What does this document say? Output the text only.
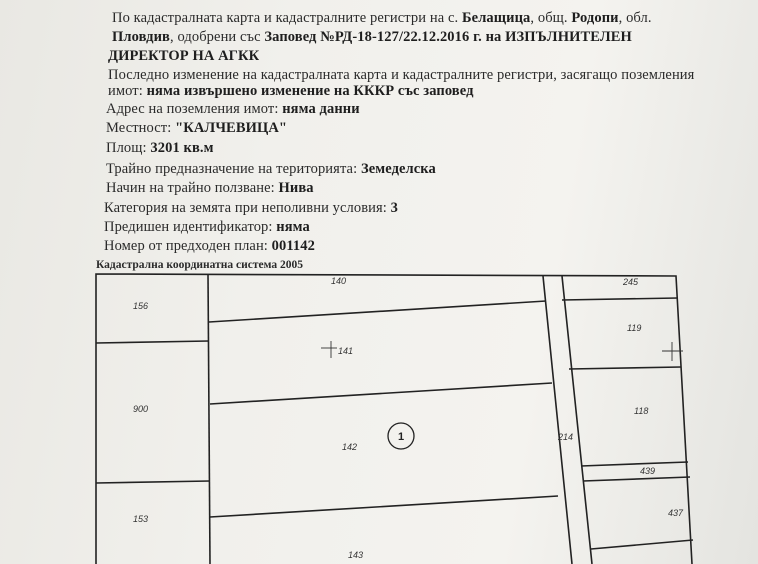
По кадастралната карта и кадастралните регистри на с. Белащица, общ. Родопи, обл.
Пловдив, одобрени със Заповед №РД-18-127/22.12.2016 г. на ИЗПЪЛНИТЕЛЕН
ДИРЕКТОР НА АГКК
Последно изменение на кадастралната карта и кадастралните регистри, засягащо поземления
имот: няма извършено изменение на КККР със заповед
Адрес на поземления имот: няма данни
Местност: "КАЛЧЕВИЦА"
Площ: 3201 кв.м
Трайно предназначение на територията: Земеделска
Начин на трайно ползване: Нива
Категория на земята при неполивни условия: 3
Предишен идентификатор: няма
Номер от предходен план: 001142
Кадастрална координатна система 2005
140	245
156
141
119
900	118
142
214
439
437
153
143
1
